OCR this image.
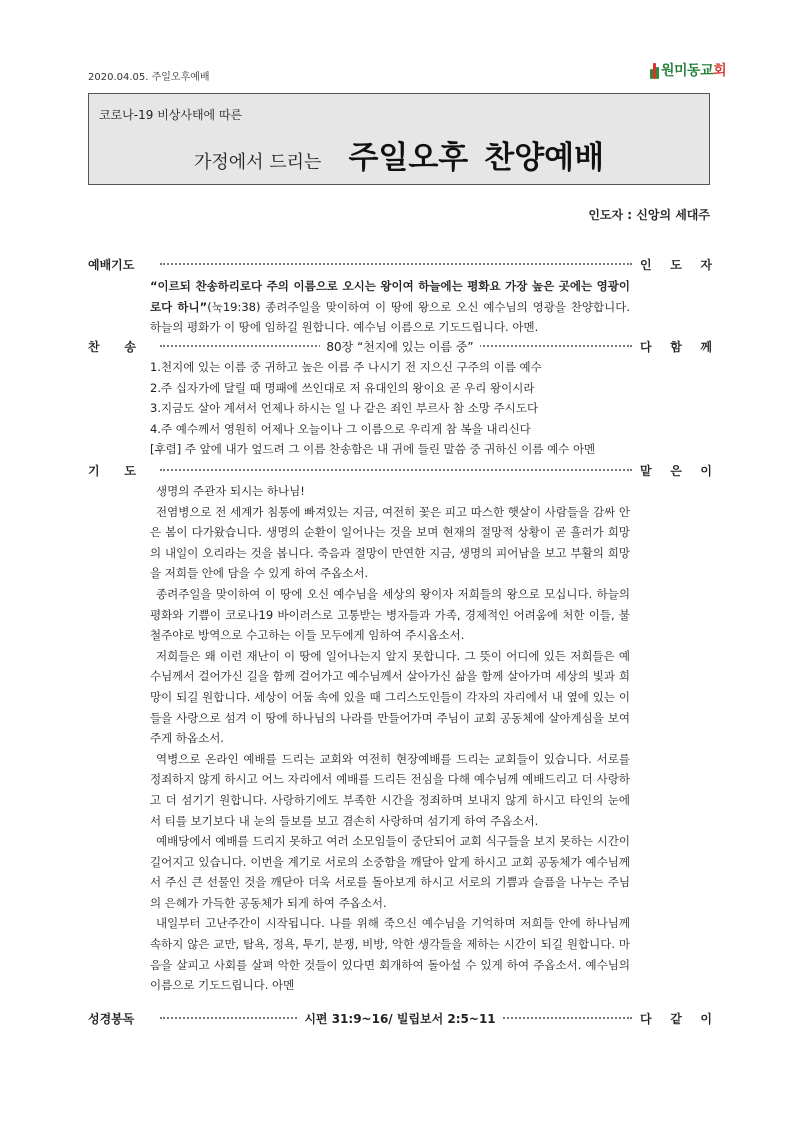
2020.04.05. 주일오후예배	원미동교회
코로나-19 비상사태에 따른
가정에서 드리는 주일오후 찬양예배
인도자 : 신앙의 세대주
예배기도	인 도 자
“이르되 찬송하리로다 주의 이름으로 오시는 왕이여 하늘에는 평화요 가장 높은 곳에는 영광이로다 하니”(눅19:38) 종려주일을 맞이하여 이 땅에 왕으로 오신 예수님의 영광을 찬양합니다. 하늘의 평화가 이 땅에 임하길 원합니다. 예수님 이름으로 기도드립니다. 아멘.
찬 송	80장 “천지에 있는 이름 중”	다 함 께

1.천지에 있는 이름 중 귀하고 높은 이름 주 나시기 전 지으신 구주의 이름 예수

2.주 십자가에 달릴 때 명패에 쓰인대로 저 유대인의 왕이요 곧 우리 왕이시라

3.지금도 살아 계셔서 언제나 하시는 일 나 같은 죄인 부르사 참 소망 주시도다

4.주 예수께서 영원히 어제나 오늘이나 그 이름으로 우리게 참 복을 내리신다

[후렴] 주 앞에 내가 엎드려 그 이름 찬송함은 내 귀에 들린 말씀 중 귀하신 이름 예수 아멘

기 도	맡 은 이

생명의 주관자 되시는 하나님!

전염병으로 전 세계가 침통에 빠져있는 지금, 여전히 꽃은 피고 따스한 햇살이 사람들을 감싸 안은 봄이 다가왔습니다. 생명의 순환이 일어나는 것을 보며 현재의 절망적 상황이 곧 흘러가 희망의 내일이 오리라는 것을 봅니다. 죽음과 절망이 만연한 지금, 생명의 피어남을 보고 부활의 희망을 저희들 안에 담을 수 있게 하여 주옵소서.

종려주일을 맞이하여 이 땅에 오신 예수님을 세상의 왕이자 저희들의 왕으로 모십니다. 하늘의 평화와 기쁨이 코로나19 바이러스로 고통받는 병자들과 가족, 경제적인 어려움에 처한 이들, 불철주야로 방역으로 수고하는 이들 모두에게 임하여 주시옵소서.

저희들은 왜 이런 재난이 이 땅에 일어나는지 알지 못합니다. 그 뜻이 어디에 있든 저희들은 예수님께서 걸어가신 길을 함께 걸어가고 예수님께서 살아가신 삶을 함께 살아가며 세상의 빛과 희망이 되길 원합니다. 세상이 어둠 속에 있을 때 그리스도인들이 각자의 자리에서 내 옆에 있는 이들을 사랑으로 섬겨 이 땅에 하나님의 나라를 만들어가며 주님이 교회 공동체에 살아계심을 보여주게 하옵소서.

역병으로 온라인 예배를 드리는 교회와 여전히 현장예배를 드리는 교회들이 있습니다. 서로를 정죄하지 않게 하시고 어느 자리에서 예배를 드리든 전심을 다해 예수님께 예배드리고 더 사랑하고 더 섬기기 원합니다. 사랑하기에도 부족한 시간을 정죄하며 보내지 않게 하시고 타인의 눈에서 티를 보기보다 내 눈의 들보를 보고 겸손히 사랑하며 섬기게 하여 주옵소서.

예배당에서 예배를 드리지 못하고 여러 소모임들이 중단되어 교회 식구들을 보지 못하는 시간이 길어지고 있습니다. 이번을 계기로 서로의 소중함을 깨달아 알게 하시고 교회 공동체가 예수님께서 주신 큰 선물인 것을 깨닫아 더욱 서로를 돌아보게 하시고 서로의 기쁨과 슬픔을 나누는 주님의 은혜가 가득한 공동체가 되게 하여 주옵소서.

내일부터 고난주간이 시작됩니다. 나를 위해 죽으신 예수님을 기억하며 저희들 안에 하나님께 속하지 않은 교만, 탐욕, 정욕, 투기, 분쟁, 비방, 악한 생각들을 제하는 시간이 되길 원합니다. 마음을 살피고 사회를 살펴 악한 것들이 있다면 회개하여 돌아설 수 있게 하여 주옵소서. 예수님의 이름으로 기도드립니다. 아멘

성경봉독	시편 31:9~16/ 빌립보서 2:5~11	다 같 이
